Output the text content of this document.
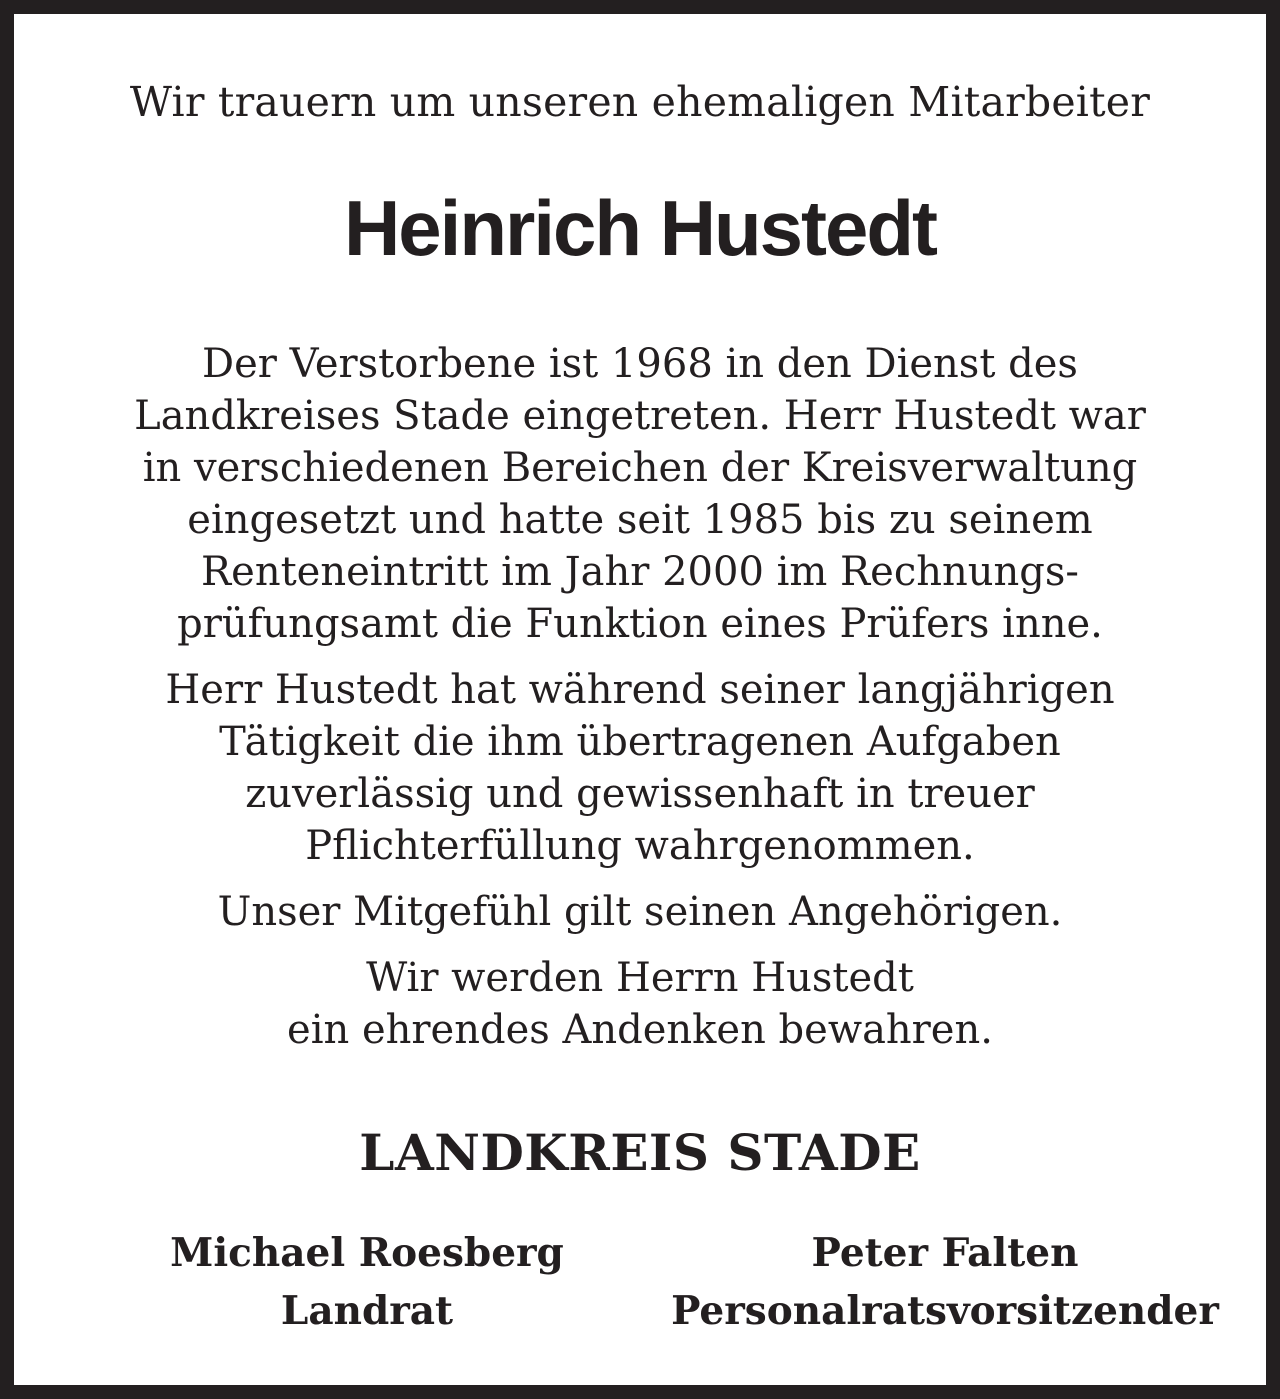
Wir trauern um unseren ehemaligen Mitarbeiter
Heinrich Hustedt
Der Verstorbene ist 1968 in den Dienst des
Landkreises Stade eingetreten. Herr Hustedt war
in verschiedenen Bereichen der Kreisverwaltung
eingesetzt und hatte seit 1985 bis zu seinem
Renteneintritt im Jahr 2000 im Rechnungs-
prüfungsamt die Funktion eines Prüfers inne.
Herr Hustedt hat während seiner langjährigen
Tätigkeit die ihm übertragenen Aufgaben
zuverlässig und gewissenhaft in treuer
Pflichterfüllung wahrgenommen.
Unser Mitgefühl gilt seinen Angehörigen.
Wir werden Herrn Hustedt
ein ehrendes Andenken bewahren.
LANDKREIS STADE
Michael Roesberg
Landrat
Peter Falten
Personalratsvorsitzender
